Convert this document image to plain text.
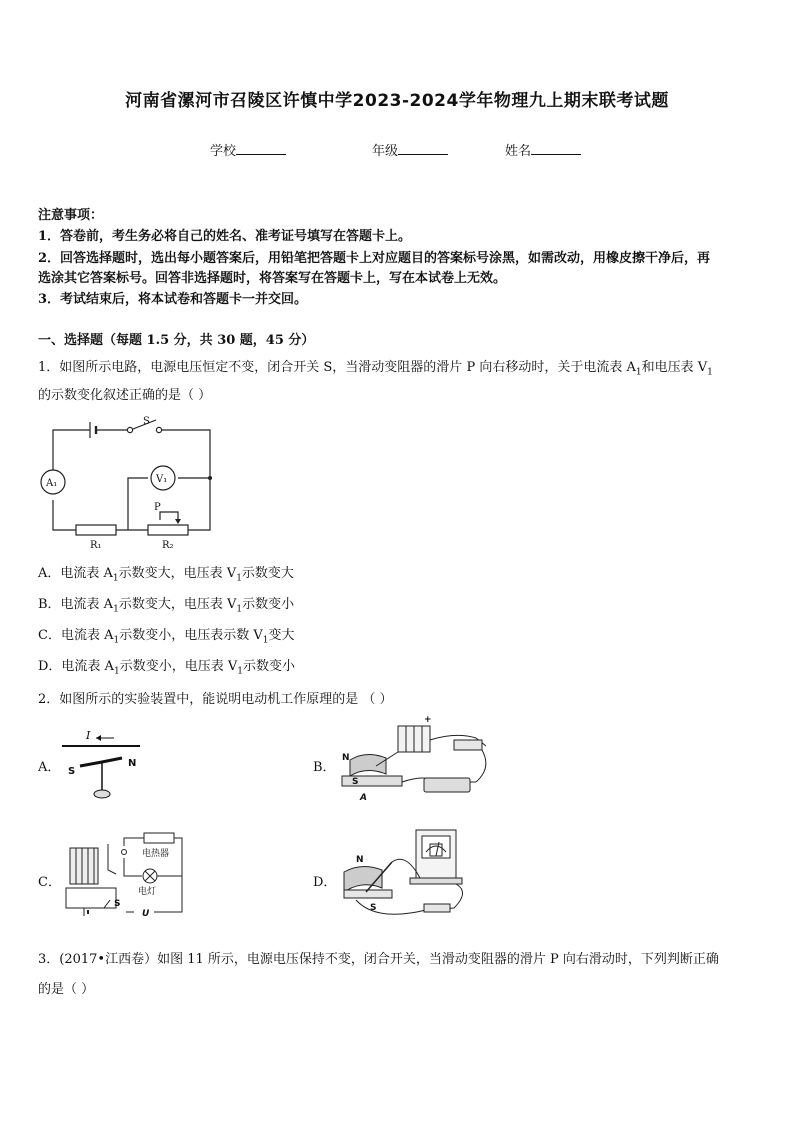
河南省漯河市召陵区许慎中学2023-2024学年物理九上期末联考试题
学校	年级	姓名
注意事项：
1．答卷前，考生务必将自己的姓名、准考证号填写在答题卡上。
2．回答选择题时，选出每小题答案后，用铅笔把答题卡上对应题目的答案标号涂黑，如需改动，用橡皮擦干净后，再
选涂其它答案标号。回答非选择题时，将答案写在答题卡上，写在本试卷上无效。
3．考试结束后，将本试卷和答题卡一并交回。
一、选择题（每题 1.5 分，共 30 题，45 分）
1．如图所示电路，电源电压恒定不变，闭合开关 S，当滑动变阻器的滑片 P 向右移动时，关于电流表 $A_1$和电压表 $V_1$
的示数变化叙述正确的是（ ）
S
A₁	V₁
P
R₁	R₂
A．电流表 $A_1$示数变大，电压表 $V_1$示数变大
B．电流表 $A_1$示数变大，电压表 $V_1$示数变小
C．电流表 $A_1$示数变小，电压表示数 $V_1$变大
D．电流表 $A_1$示数变小，电压表 $V_1$示数变小
2．如图所示的实验装置中，能说明电动机工作原理的是 （ ）
A．	B．
C．	D．
I
S
N	N
S
+
A
电热器
电灯
S
U
N
S
3．(2017•江西卷）如图 11 所示，电源电压保持不变，闭合开关，当滑动变阻器的滑片 P 向右滑动时，下列判断正确
的是（ ）
